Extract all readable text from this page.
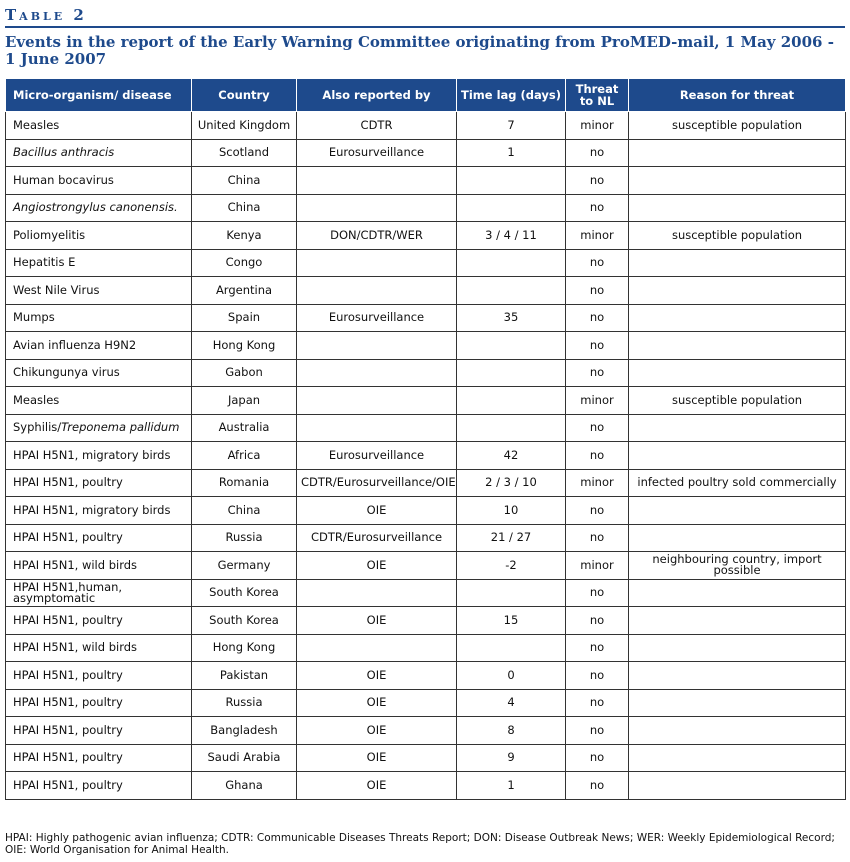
Table 2
Events in the report of the Early Warning Committee originating from ProMED-mail, 1 May 2006 - 1 June 2007
Micro-organism/ disease	Country	Also reported by	Time lag (days)	Threat to NL	Reason for threat
Measles	United Kingdom	CDTR	7	minor	susceptible population
Bacillus anthracis	Scotland	Eurosurveillance	1	no	
Human bocavirus	China			no	
Angiostrongylus canonensis.	China			no	
Poliomyelitis	Kenya	DON/CDTR/WER	3 / 4 / 11	minor	susceptible population
Hepatitis E	Congo			no	
West Nile Virus	Argentina			no	
Mumps	Spain	Eurosurveillance	35	no	
Avian influenza H9N2	Hong Kong			no	
Chikungunya virus	Gabon			no	
Measles	Japan			minor	susceptible population
Syphilis/Treponema pallidum	Australia			no	
HPAI H5N1, migratory birds	Africa	Eurosurveillance	42	no	
HPAI H5N1, poultry	Romania	CDTR/Eurosurveillance/OIE	2 / 3 / 10	minor	infected poultry sold commercially
HPAI H5N1, migratory birds	China	OIE	10	no	
HPAI H5N1, poultry	Russia	CDTR/Eurosurveillance	21 / 27	no	
HPAI H5N1, wild birds	Germany	OIE	-2	minor	neighbouring country, import possible
HPAI H5N1,human, asymptomatic	South Korea			no	
HPAI H5N1, poultry	South Korea	OIE	15	no	
HPAI H5N1, wild birds	Hong Kong			no	
HPAI H5N1, poultry	Pakistan	OIE	0	no	
HPAI H5N1, poultry	Russia	OIE	4	no	
HPAI H5N1, poultry	Bangladesh	OIE	8	no	
HPAI H5N1, poultry	Saudi Arabia	OIE	9	no	
HPAI H5N1, poultry	Ghana	OIE	1	no	
HPAI: Highly pathogenic avian influenza; CDTR: Communicable Diseases Threats Report; DON: Disease Outbreak News; WER: Weekly Epidemiological Record; OIE: World Organisation for Animal Health.
